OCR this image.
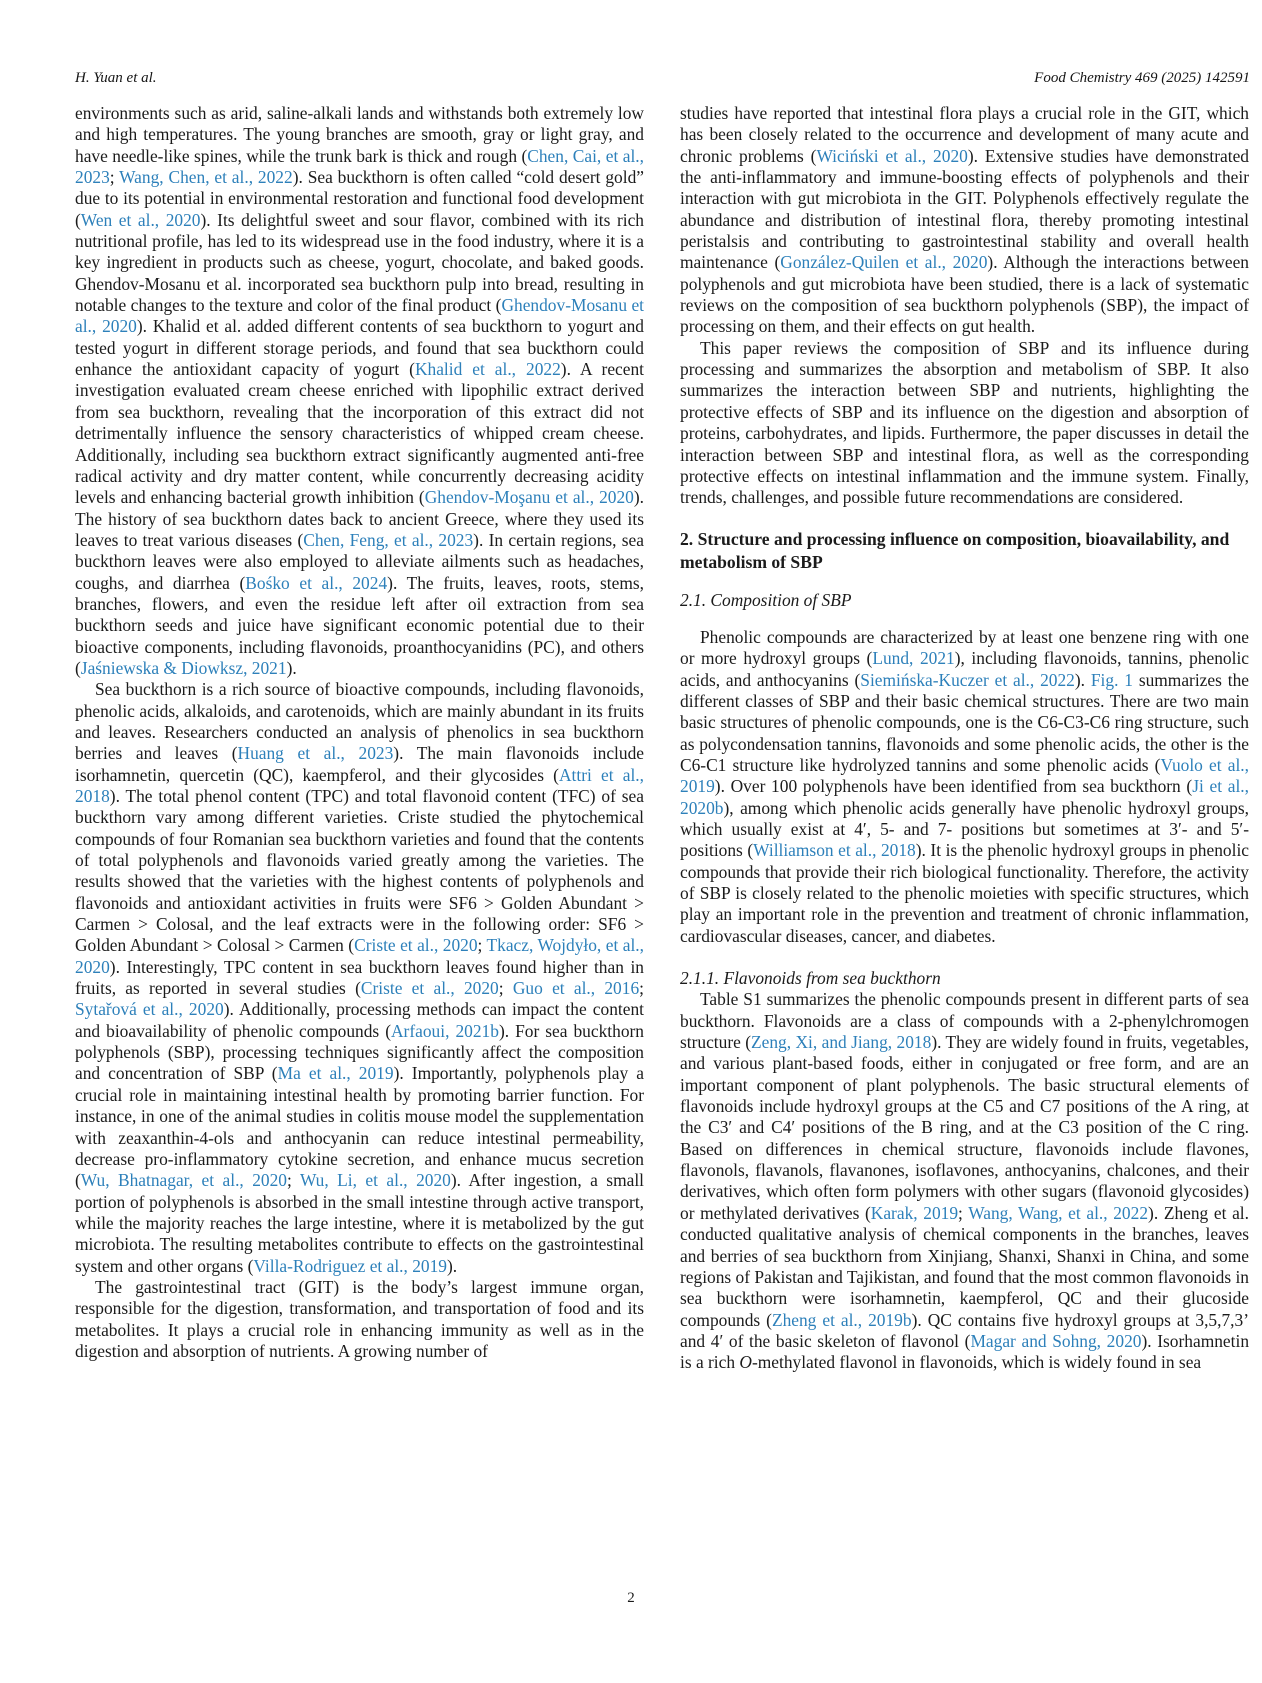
H. Yuan et al.	Food Chemistry 469 (2025) 142591

environments such as arid, saline-alkali lands and withstands both extremely low and high temperatures. The young branches are smooth, gray or light gray, and have needle-like spines, while the trunk bark is thick and rough (Chen, Cai, et al., 2023; Wang, Chen, et al., 2022). Sea buckthorn is often called “cold desert gold” due to its potential in environmental restoration and functional food development (Wen et al., 2020). Its delightful sweet and sour flavor, combined with its rich nutritional profile, has led to its widespread use in the food industry, where it is a key ingredient in products such as cheese, yogurt, chocolate, and baked goods. Ghendov-Mosanu et al. incorporated sea buckthorn pulp into bread, resulting in notable changes to the texture and color of the final product (Ghendov-Mosanu et al., 2020). Khalid et al. added different contents of sea buckthorn to yogurt and tested yogurt in different storage periods, and found that sea buckthorn could enhance the antioxidant capacity of yogurt (Khalid et al., 2022). A recent investigation evaluated cream cheese enriched with lipophilic extract derived from sea buckthorn, revealing that the incorporation of this extract did not detrimentally influence the sensory characteristics of whipped cream cheese. Additionally, including sea buckthorn extract significantly augmented anti-free radical activity and dry matter content, while concurrently decreasing acidity levels and enhancing bacterial growth inhibition (Ghendov-Moşanu et al., 2020). The history of sea buckthorn dates back to ancient Greece, where they used its leaves to treat various diseases (Chen, Feng, et al., 2023). In certain regions, sea buckthorn leaves were also employed to alleviate ailments such as headaches, coughs, and diarrhea (Bośko et al., 2024). The fruits, leaves, roots, stems, branches, flowers, and even the residue left after oil extraction from sea buckthorn seeds and juice have significant economic potential due to their bioactive components, including flavonoids, proanthocyanidins (PC), and others (Jaśniewska & Diowksz, 2021).

Sea buckthorn is a rich source of bioactive compounds, including flavonoids, phenolic acids, alkaloids, and carotenoids, which are mainly abundant in its fruits and leaves. Researchers conducted an analysis of phenolics in sea buckthorn berries and leaves (Huang et al., 2023). The main flavonoids include isorhamnetin, quercetin (QC), kaempferol, and their glycosides (Attri et al., 2018). The total phenol content (TPC) and total flavonoid content (TFC) of sea buckthorn vary among different varieties. Criste studied the phytochemical compounds of four Romanian sea buckthorn varieties and found that the contents of total polyphenols and flavonoids varied greatly among the varieties. The results showed that the varieties with the highest contents of polyphenols and flavonoids and antioxidant activities in fruits were SF6 > Golden Abundant > Carmen > Colosal, and the leaf extracts were in the following order: SF6 > Golden Abundant > Colosal > Carmen (Criste et al., 2020; Tkacz, Wojdyło, et al., 2020). Interestingly, TPC content in sea buckthorn leaves found higher than in fruits, as reported in several studies (Criste et al., 2020; Guo et al., 2016; Sytařová et al., 2020). Additionally, processing methods can impact the content and bioavailability of phenolic compounds (Arfaoui, 2021b). For sea buckthorn polyphenols (SBP), processing techniques significantly affect the composition and concentration of SBP (Ma et al., 2019). Importantly, polyphenols play a crucial role in maintaining intestinal health by promoting barrier function. For instance, in one of the animal studies in colitis mouse model the supplementation with zeaxanthin-4-ols and anthocyanin can reduce intestinal permeability, decrease pro-inflammatory cytokine secretion, and enhance mucus secretion (Wu, Bhatnagar, et al., 2020; Wu, Li, et al., 2020). After ingestion, a small portion of polyphenols is absorbed in the small intestine through active transport, while the majority reaches the large intestine, where it is metabolized by the gut microbiota. The resulting metabolites contribute to effects on the gastrointestinal system and other organs (Villa-Rodriguez et al., 2019).

The gastrointestinal tract (GIT) is the body’s largest immune organ, responsible for the digestion, transformation, and transportation of food and its metabolites. It plays a crucial role in enhancing immunity as well as in the digestion and absorption of nutrients. A growing number of

studies have reported that intestinal flora plays a crucial role in the GIT, which has been closely related to the occurrence and development of many acute and chronic problems (Wiciński et al., 2020). Extensive studies have demonstrated the anti-inflammatory and immune-boosting effects of polyphenols and their interaction with gut microbiota in the GIT. Polyphenols effectively regulate the abundance and distribution of intestinal flora, thereby promoting intestinal peristalsis and contributing to gastrointestinal stability and overall health maintenance (González-Quilen et al., 2020). Although the interactions between polyphenols and gut microbiota have been studied, there is a lack of systematic reviews on the composition of sea buckthorn polyphenols (SBP), the impact of processing on them, and their effects on gut health.

This paper reviews the composition of SBP and its influence during processing and summarizes the absorption and metabolism of SBP. It also summarizes the interaction between SBP and nutrients, highlighting the protective effects of SBP and its influence on the digestion and absorption of proteins, carbohydrates, and lipids. Furthermore, the paper discusses in detail the interaction between SBP and intestinal flora, as well as the corresponding protective effects on intestinal inflammation and the immune system. Finally, trends, challenges, and possible future recommendations are considered.

2. Structure and processing influence on composition, bioavailability, and metabolism of SBP
2.1. Composition of SBP

Phenolic compounds are characterized by at least one benzene ring with one or more hydroxyl groups (Lund, 2021), including flavonoids, tannins, phenolic acids, and anthocyanins (Siemińska-Kuczer et al., 2022). Fig. 1 summarizes the different classes of SBP and their basic chemical structures. There are two main basic structures of phenolic compounds, one is the C6-C3-C6 ring structure, such as polycondensation tannins, flavonoids and some phenolic acids, the other is the C6-C1 structure like hydrolyzed tannins and some phenolic acids (Vuolo et al., 2019). Over 100 polyphenols have been identified from sea buckthorn (Ji et al., 2020b), among which phenolic acids generally have phenolic hydroxyl groups, which usually exist at 4′, 5- and 7- positions but sometimes at 3′- and 5′- positions (Williamson et al., 2018). It is the phenolic hydroxyl groups in phenolic compounds that provide their rich biological functionality. Therefore, the activity of SBP is closely related to the phenolic moieties with specific structures, which play an important role in the prevention and treatment of chronic inflammation, cardiovascular diseases, cancer, and diabetes.

2.1.1. Flavonoids from sea buckthorn

Table S1 summarizes the phenolic compounds present in different parts of sea buckthorn. Flavonoids are a class of compounds with a 2-phenylchromogen structure (Zeng, Xi, and Jiang, 2018). They are widely found in fruits, vegetables, and various plant-based foods, either in conjugated or free form, and are an important component of plant polyphenols. The basic structural elements of flavonoids include hydroxyl groups at the C5 and C7 positions of the A ring, at the C3′ and C4′ positions of the B ring, and at the C3 position of the C ring. Based on differences in chemical structure, flavonoids include flavones, flavonols, flavanols, flavanones, isoflavones, anthocyanins, chalcones, and their derivatives, which often form polymers with other sugars (flavonoid glycosides) or methylated derivatives (Karak, 2019; Wang, Wang, et al., 2022). Zheng et al. conducted qualitative analysis of chemical components in the branches, leaves and berries of sea buckthorn from Xinjiang, Shanxi, Shanxi in China, and some regions of Pakistan and Tajikistan, and found that the most common flavonoids in sea buckthorn were isorhamnetin, kaempferol, QC and their glucoside compounds (Zheng et al., 2019b). QC contains five hydroxyl groups at 3,5,7,3’ and 4′ of the basic skeleton of flavonol (Magar and Sohng, 2020). Isorhamnetin is a rich O-methylated flavonol in flavonoids, which is widely found in sea

2
